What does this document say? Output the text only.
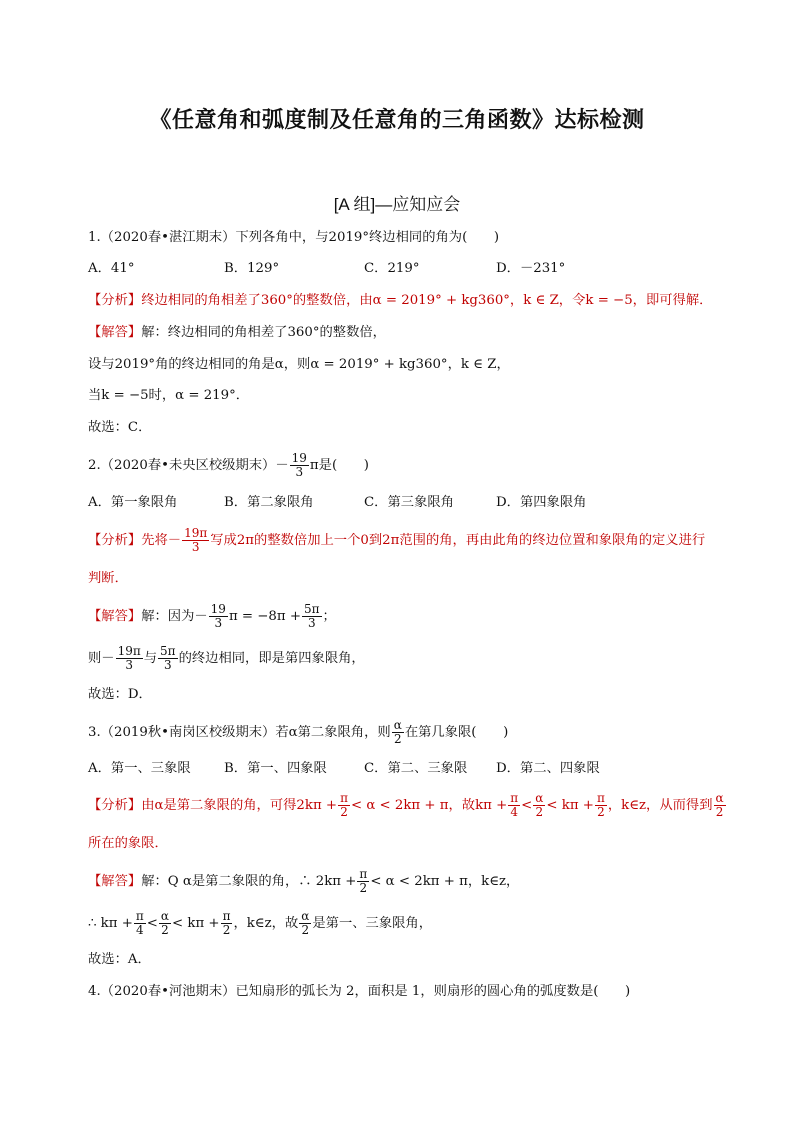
《任意角和弧度制及任意角的三角函数》达标检测
[A 组]—应知应会
1.（2020春•湛江期末）下列各角中，与2019°终边相同的角为(　　)
A．41°	B．129°	C．219°	D．－231°
【分析】终边相同的角相差了360°的整数倍，由α = 2019° + kg360°，k ∈ Z，令k = −5，即可得解．
【解答】解：终边相同的角相差了360°的整数倍，
设与2019°角的终边相同的角是α，则α = 2019° + kg360°，k ∈ Z，
当k = −5时，α = 219°．
故选：C．
2.（2020春•未央区校级期末）－ $\frac{19}{3}$ π是(　　)
A．第一象限角	B．第二象限角	C．第三象限角	D．第四象限角
【分析】先将－ $\frac{19\pi}{3}$ 写成2π的整数倍加上一个0到2π范围的角，再由此角的终边位置和象限角的定义进行
判断．
【解答】解：因为－ $\frac{19}{3}$ $\pi = -8\pi + \frac{5\pi}{3}$ ；
则－ $\frac{19\pi}{3}$ 与 $\frac{5\pi}{3}$ 的终边相同，即是第四象限角，
故选：D．
3.（2019秋•南岗区校级期末）若α第二象限角，则 $\frac{\alpha}{2}$ 在第几象限(　　)
A．第一、三象限	B．第一、四象限	C．第二、三象限 D．第二、四象限
【分析】由α是第二象限的角，可得$2k\pi + \frac{\pi}{2} < \alpha < 2k\pi + \pi$，故$k\pi + \frac{\pi}{4} < \frac{\alpha}{2} < k\pi + \frac{\pi}{2}$ ，k∈z，从而得到 $\frac{\alpha}{2}$
所在的象限．
【解答】解：Q α是第二象限的角，∴ $2k\pi + \frac{\pi}{2} < \alpha < 2k\pi + \pi$，k∈z，
∴ $k\pi + \frac{\pi}{4} < \frac{\alpha}{2} < k\pi + \frac{\pi}{2}$ ，k∈z，故 $\frac{\alpha}{2}$ 是第一、三象限角，
故选：A．
4.（2020春•河池期末）已知扇形的弧长为 2，面积是 1，则扇形的圆心角的弧度数是(　　)
